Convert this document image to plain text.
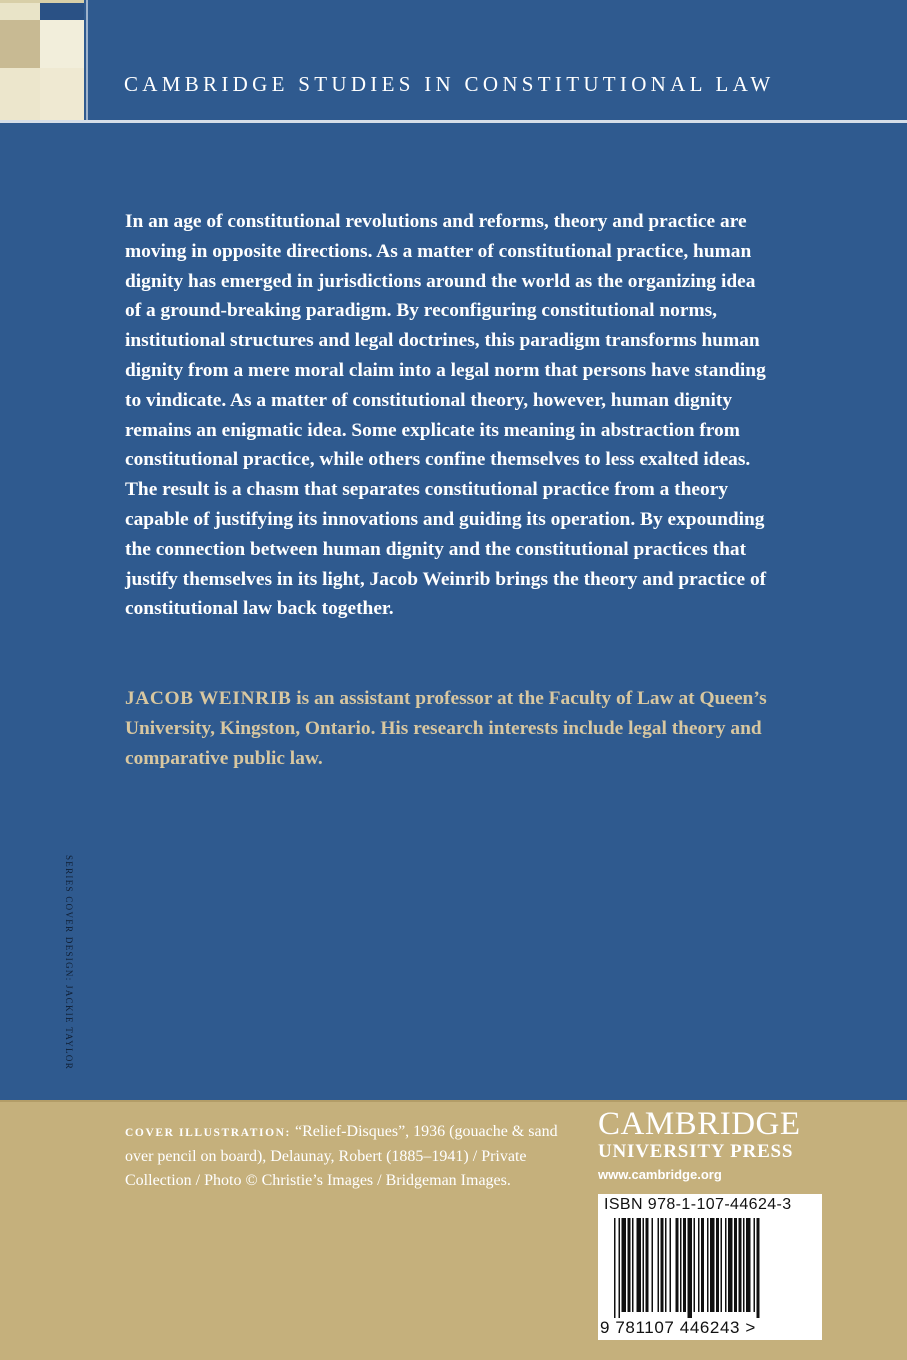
CAMBRIDGE STUDIES IN CONSTITUTIONAL LAW

In an age of constitutional revolutions and reforms, theory and practice are moving in opposite directions. As a matter of constitutional practice, human dignity has emerged in jurisdictions around the world as the organizing idea of a ground-breaking paradigm. By reconfiguring constitutional norms, institutional structures and legal doctrines, this paradigm transforms human dignity from a mere moral claim into a legal norm that persons have standing to vindicate. As a matter of constitutional theory, however, human dignity remains an enigmatic idea. Some explicate its meaning in abstraction from constitutional practice, while others confine themselves to less exalted ideas. The result is a chasm that separates constitutional practice from a theory capable of justifying its innovations and guiding its operation. By expounding the connection between human dignity and the constitutional practices that justify themselves in its light, Jacob Weinrib brings the theory and practice of constitutional law back together.

JACOB WEINRIB is an assistant professor at the Faculty of Law at Queen’s University, Kingston, Ontario. His research interests include legal theory and comparative public law.

SERIES COVER DESIGN: JACKIE TAYLOR

COVER ILLUSTRATION: “Relief-Disques”, 1936 (gouache & sand over pencil on board), Delaunay, Robert (1885–1941) / Private Collection / Photo © Christie’s Images / Bridgeman Images.

CAMBRIDGE
UNIVERSITY PRESS
www.cambridge.org
ISBN 978-1-107-44624-3
9 781107 446243 >
